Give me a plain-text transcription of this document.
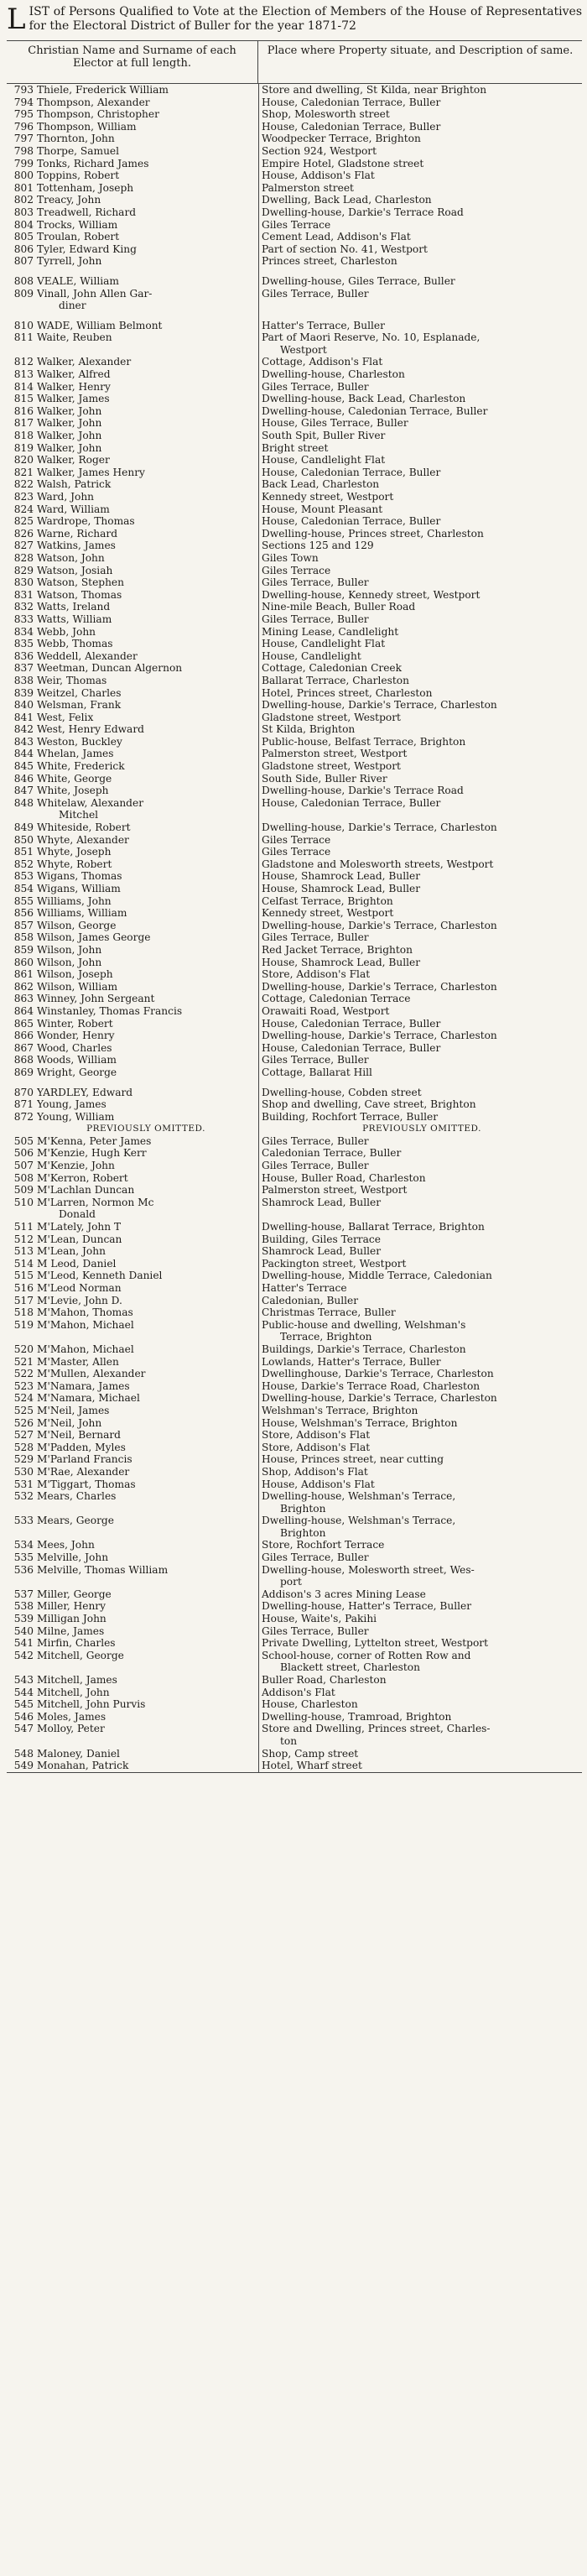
LIST of Persons Qualified to Vote at the Election of Members of the House of Representatives for the Electoral District of Buller for the year 1871-72
Christian Name and Surname of each Elector at full length.
Place where Property situate, and Description of same.
793 Thiele, Frederick William	Store and dwelling, St Kilda, near Brighton
794 Thompson, Alexander	House, Caledonian Terrace, Buller
795 Thompson, Christopher	Shop, Molesworth street
796 Thompson, William	House, Caledonian Terrace, Buller
797 Thornton, John	Woodpecker Terrace, Brighton
798 Thorpe, Samuel	Section 924, Westport
799 Tonks, Richard James	Empire Hotel, Gladstone street
800 Toppins, Robert	House, Addison's Flat
801 Tottenham, Joseph	Palmerston street
802 Treacy, John	Dwelling, Back Lead, Charleston
803 Treadwell, Richard	Dwelling-house, Darkie's Terrace Road
804 Trocks, William	Giles Terrace
805 Troulan, Robert	Cement Lead, Addison's Flat
806 Tyler, Edward King	Part of section No. 41, Westport
807 Tyrrell, John	Princes street, Charleston
808 VEALE, William	Dwelling-house, Giles Terrace, Buller
809 Vinall, John Allen Gar-	Giles Terrace, Buller
diner
810 WADE, William Belmont	Hatter's Terrace, Buller
811 Waite, Reuben	Part of Maori Reserve, No. 10, Esplanade,
Westport
812 Walker, Alexander	Cottage, Addison's Flat
813 Walker, Alfred	Dwelling-house, Charleston
814 Walker, Henry	Giles Terrace, Buller
815 Walker, James	Dwelling-house, Back Lead, Charleston
816 Walker, John	Dwelling-house, Caledonian Terrace, Buller
817 Walker, John	House, Giles Terrace, Buller
818 Walker, John	South Spit, Buller River
819 Walker, John	Bright street
820 Walker, Roger	House, Candlelight Flat
821 Walker, James Henry	House, Caledonian Terrace, Buller
822 Walsh, Patrick	Back Lead, Charleston
823 Ward, John	Kennedy street, Westport
824 Ward, William	House, Mount Pleasant
825 Wardrope, Thomas	House, Caledonian Terrace, Buller
826 Warne, Richard	Dwelling-house, Princes street, Charleston
827 Watkins, James	Sections 125 and 129
828 Watson, John	Giles Town
829 Watson, Josiah	Giles Terrace
830 Watson, Stephen	Giles Terrace, Buller
831 Watson, Thomas	Dwelling-house, Kennedy street, Westport
832 Watts, Ireland	Nine-mile Beach, Buller Road
833 Watts, William	Giles Terrace, Buller
834 Webb, John	Mining Lease, Candlelight
835 Webb, Thomas	House, Candlelight Flat
836 Weddell, Alexander	House, Candlelight
837 Weetman, Duncan Algernon	Cottage, Caledonian Creek
838 Weir, Thomas	Ballarat Terrace, Charleston
839 Weitzel, Charles	Hotel, Princes street, Charleston
840 Welsman, Frank	Dwelling-house, Darkie's Terrace, Charleston
841 West, Felix	Gladstone street, Westport
842 West, Henry Edward	St Kilda, Brighton
843 Weston, Buckley	Public-house, Belfast Terrace, Brighton
844 Whelan, James	Palmerston street, Westport
845 White, Frederick	Gladstone street, Westport
846 White, George	South Side, Buller River
847 White, Joseph	Dwelling-house, Darkie's Terrace Road
848 Whitelaw, Alexander	House, Caledonian Terrace, Buller
Mitchel
849 Whiteside, Robert	Dwelling-house, Darkie's Terrace, Charleston
850 Whyte, Alexander	Giles Terrace
851 Whyte, Joseph	Giles Terrace
852 Whyte, Robert	Gladstone and Molesworth streets, Westport
853 Wigans, Thomas	House, Shamrock Lead, Buller
854 Wigans, William	House, Shamrock Lead, Buller
855 Williams, John	Celfast Terrace, Brighton
856 Williams, William	Kennedy street, Westport
857 Wilson, George	Dwelling-house, Darkie's Terrace, Charleston
858 Wilson, James George	Giles Terrace, Buller
859 Wilson, John	Red Jacket Terrace, Brighton
860 Wilson, John	House, Shamrock Lead, Buller
861 Wilson, Joseph	Store, Addison's Flat
862 Wilson, William	Dwelling-house, Darkie's Terrace, Charleston
863 Winney, John Sergeant	Cottage, Caledonian Terrace
864 Winstanley, Thomas Francis	Orawaiti Road, Westport
865 Winter, Robert	House, Caledonian Terrace, Buller
866 Wonder, Henry	Dwelling-house, Darkie's Terrace, Charleston
867 Wood, Charles	House, Caledonian Terrace, Buller
868 Woods, William	Giles Terrace, Buller
869 Wright, George	Cottage, Ballarat Hill
870 YARDLEY, Edward	Dwelling-house, Cobden street
871 Young, James	Shop and dwelling, Cave street, Brighton
872 Young, William	Building, Rochfort Terrace, Buller
PREVIOUSLY OMITTED.	PREVIOUSLY OMITTED.
505 M'Kenna, Peter James	Giles Terrace, Buller
506 M'Kenzie, Hugh Kerr	Caledonian Terrace, Buller
507 M'Kenzie, John	Giles Terrace, Buller
508 M'Kerron, Robert	House, Buller Road, Charleston
509 M'Lachlan Duncan	Palmerston street, Westport
510 M'Larren, Normon Mc	Shamrock Lead, Buller
Donald
511 M'Lately, John T	Dwelling-house, Ballarat Terrace, Brighton
512 M'Lean, Duncan	Building, Giles Terrace
513 M'Lean, John	Shamrock Lead, Buller
514 M Leod, Daniel	Packington street, Westport
515 M'Leod, Kenneth Daniel	Dwelling-house, Middle Terrace, Caledonian
516 M'Leod Norman	Hatter's Terrace
517 M'Levie, John D.	Caledonian, Buller
518 M'Mahon, Thomas	Christmas Terrace, Buller
519 M'Mahon, Michael	Public-house and dwelling, Welshman's
Terrace, Brighton
520 M'Mahon, Michael	Buildings, Darkie's Terrace, Charleston
521 M'Master, Allen	Lowlands, Hatter's Terrace, Buller
522 M'Mullen, Alexander	Dwellinghouse, Darkie's Terrace, Charleston
523 M'Namara, James	House, Darkie's Terrace Road, Charleston
524 M'Namara, Michael	Dwelling-house, Darkie's Terrace, Charleston
525 M'Neil, James	Welshman's Terrace, Brighton
526 M'Neil, John	House, Welshman's Terrace, Brighton
527 M'Neil, Bernard	Store, Addison's Flat
528 M'Padden, Myles	Store, Addison's Flat
529 M'Parland Francis	House, Princes street, near cutting
530 M'Rae, Alexander	Shop, Addison's Flat
531 M'Tiggart, Thomas	House, Addison's Flat
532 Mears, Charles	Dwelling-house, Welshman's Terrace,
Brighton
533 Mears, George	Dwelling-house, Welshman's Terrace,
Brighton
534 Mees, John	Store, Rochfort Terrace
535 Melville, John	Giles Terrace, Buller
536 Melville, Thomas William	Dwelling-house, Molesworth street, Wes-
port
537 Miller, George	Addison's 3 acres Mining Lease
538 Miller, Henry	Dwelling-house, Hatter's Terrace, Buller
539 Milligan John	House, Waite's, Pakihi
540 Milne, James	Giles Terrace, Buller
541 Mirfin, Charles	Private Dwelling, Lyttelton street, Westport
542 Mitchell, George	School-house, corner of Rotten Row and
Blackett street, Charleston
543 Mitchell, James	Buller Road, Charleston
544 Mitchell, John	Addison's Flat
545 Mitchell, John Purvis	House, Charleston
546 Moles, James	Dwelling-house, Tramroad, Brighton
547 Molloy, Peter	Store and Dwelling, Princes street, Charles-
ton
548 Maloney, Daniel	Shop, Camp street
549 Monahan, Patrick	Hotel, Wharf street
